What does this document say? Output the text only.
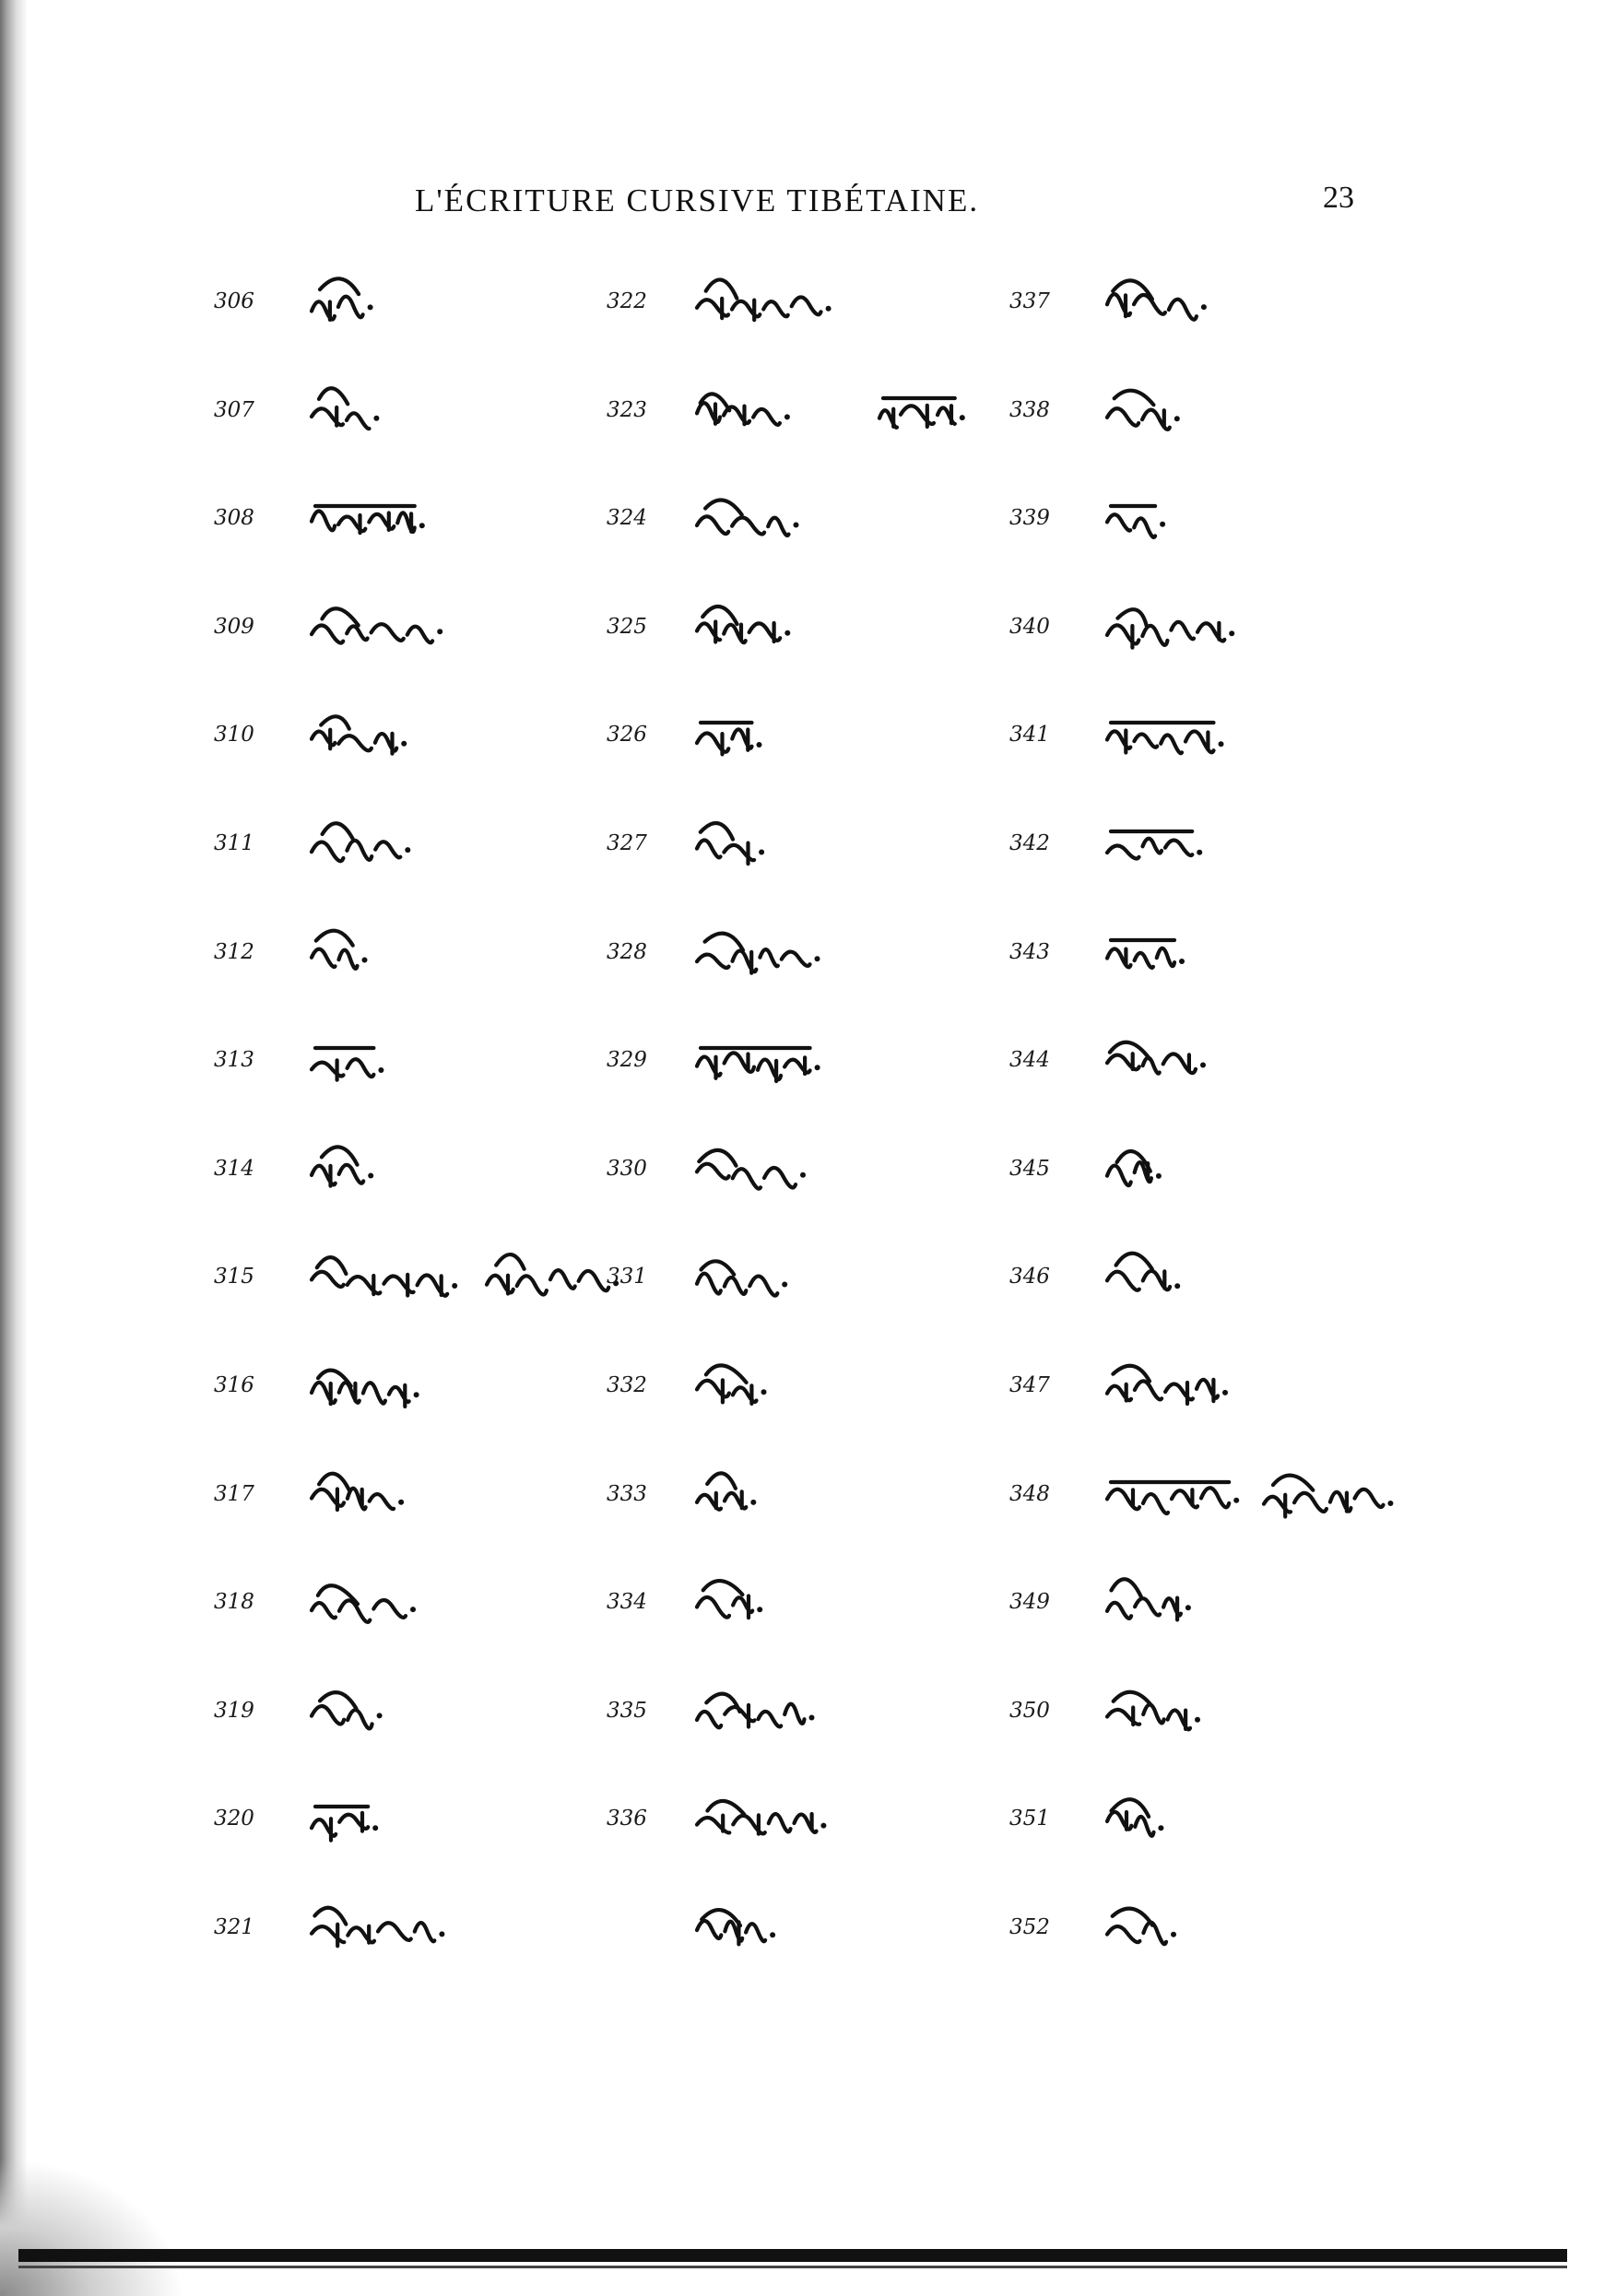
L'ÉCRITURE CURSIVE TIBÉTAINE.	23
306
307
308
309
310
311
312
313
314
315
316
317
318
319
320
321
322
323
324
325
326
327
328
329
330
331
332
333
334
335
336
337
338
339
340
341
342
343
344
345
346
347
348
349
350
351
352
